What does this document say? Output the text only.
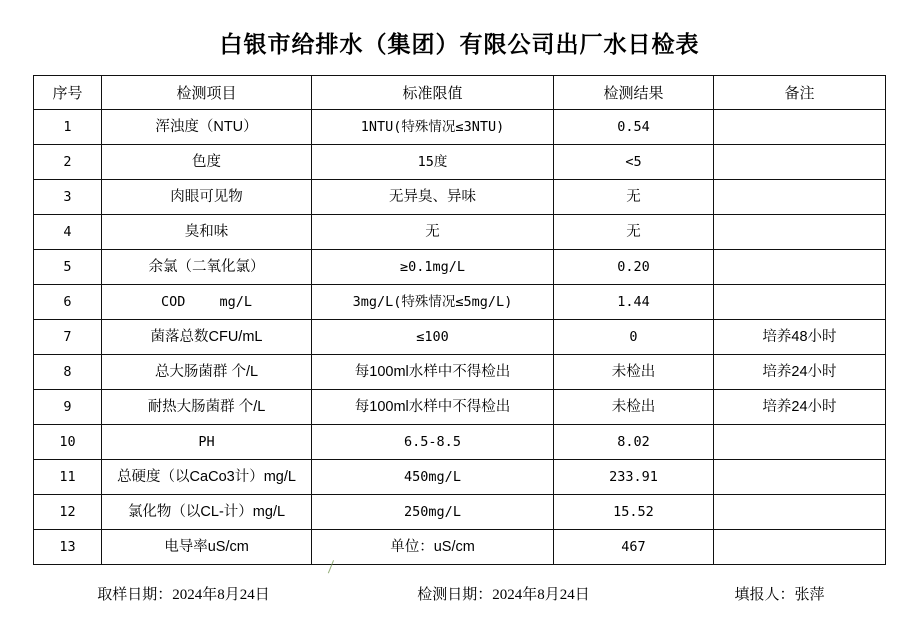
白银市给排水（集团）有限公司出厂水日检表
序号	检测项目	标准限值	检测结果	备注

1	浑浊度（NTU）	1NTU(特殊情况≤3NTU)	0.54	

2	色度	15度	<5	

3	肉眼可见物	无异臭、异味	无	

4	臭和味	无	无	

5	余氯（二氧化氯）	≥0.1mg/L	0.20	

6	COD mg/L	3mg/L(特殊情况≤5mg/L)	1.44	

7	菌落总数CFU/mL	≤100	0	培养48小时

8	总大肠菌群 个/L	每100ml水样中不得检出	未检出	培养24小时

9	耐热大肠菌群 个/L	每100ml水样中不得检出	未检出	培养24小时

10	PH	6.5-8.5	8.02	

11	总硬度（以CaCo3计）mg/L	450mg/L	233.91	

12	氯化物（以CL-计）mg/L	250mg/L	15.52	

13	电导率uS/cm	单位：uS/cm	467	

取样日期：2024年8月24日	检测日期：2024年8月24日	填报人：张萍
